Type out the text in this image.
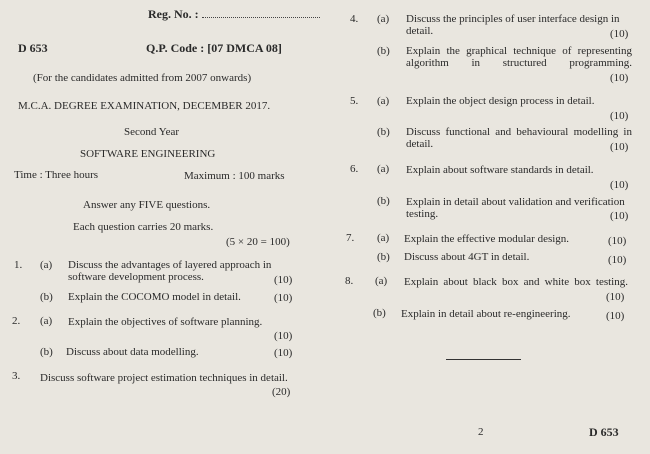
Reg. No. :
D 653	Q.P. Code : [07 DMCA 08]
(For the candidates admitted from 2007 onwards)
M.C.A. DEGREE EXAMINATION, DECEMBER 2017.
Second Year
SOFTWARE ENGINEERING
Time : Three hours	Maximum : 100 marks
Answer any FIVE questions.
Each question carries 20 marks.
(5 × 20 = 100)
1. (a) Discuss the advantages of layered approach in software development process.	(10)
(b) Explain the COCOMO model in detail.	(10)
2. (a) Explain the objectives of software planning.
(10)
(b) Discuss about data modelling.	(10)
3. Discuss software project estimation techniques in detail.
(20)
4. (a) Discuss the principles of user interface design in detail.	(10)
(b) Explain the graphical technique of representing algorithm in structured programming.
(10)
5. (a) Explain the object design process in detail.
(10)
(b) Discuss functional and behavioural modelling in detail.	(10)
6. (a) Explain about software standards in detail.
(10)
(b) Explain in detail about validation and verification testing.	(10)
7. (a) Explain the effective modular design.	(10)
(b) Discuss about 4GT in detail.	(10)
8. (a) Explain about black box and white box testing.
(10)
(b) Explain in detail about re-engineering.	(10)
2	D 653
